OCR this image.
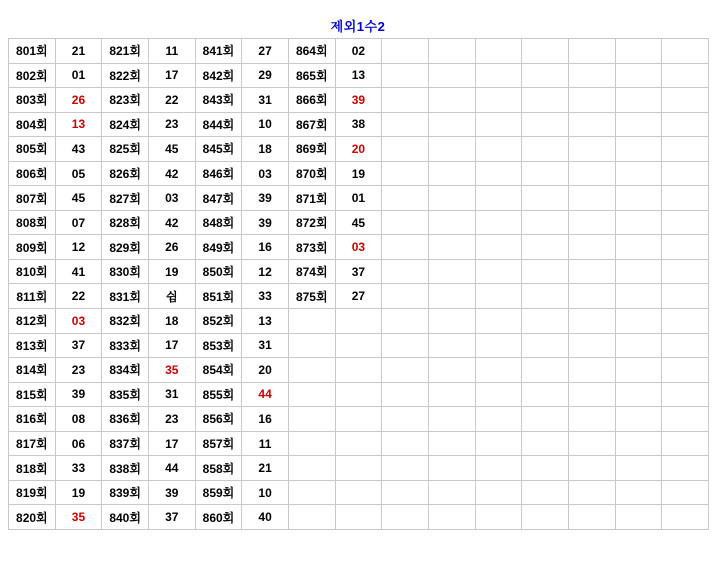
제외1수2
801회	21	821회	11	841회	27	864회	02							
802회	01	822회	17	842회	29	865회	13							
803회	26	823회	22	843회	31	866회	39							
804회	13	824회	23	844회	10	867회	38							
805회	43	825회	45	845회	18	869회	20							
806회	05	826회	42	846회	03	870회	19							
807회	45	827회	03	847회	39	871회	01							
808회	07	828회	42	848회	39	872회	45							
809회	12	829회	26	849회	16	873회	03							
810회	41	830회	19	850회	12	874회	37							
811회	22	831회	쉼	851회	33	875회	27							
812회	03	832회	18	852회	13									
813회	37	833회	17	853회	31									
814회	23	834회	35	854회	20									
815회	39	835회	31	855회	44									
816회	08	836회	23	856회	16									
817회	06	837회	17	857회	11									
818회	33	838회	44	858회	21									
819회	19	839회	39	859회	10									
820회	35	840회	37	860회	40									
